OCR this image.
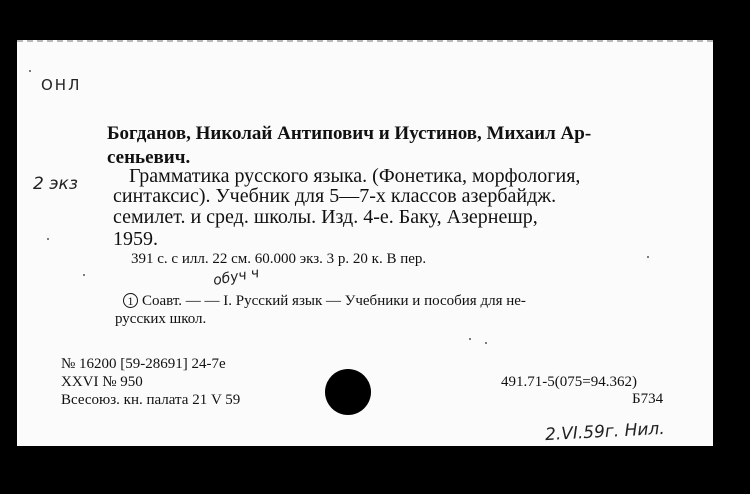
ОНЛ
Богданов, Николай Антипович и Иустинов, Михаил Ар-
сеньевич.
2 экз	Грамматика русского языка. (Фонетика, морфология,
синтаксис). Учебник для 5—7-х классов азербайдж.
семилет. и сред. школы. Изд. 4-е. Баку, Азернешр,
1959.
391 с. с илл. 22 см. 60.000 экз. 3 р. 20 к. В пер.
обуч ч
1 Соавт. — — I. Русский язык — Учебники и пособия для не-
русских школ.
№ 16200 [59-28691] 24-7е
XXVI № 950
Всесоюз. кн. палата 21 V 59
491.71-5(075=94.362)
Б734
2.VI.59г. Нил.
